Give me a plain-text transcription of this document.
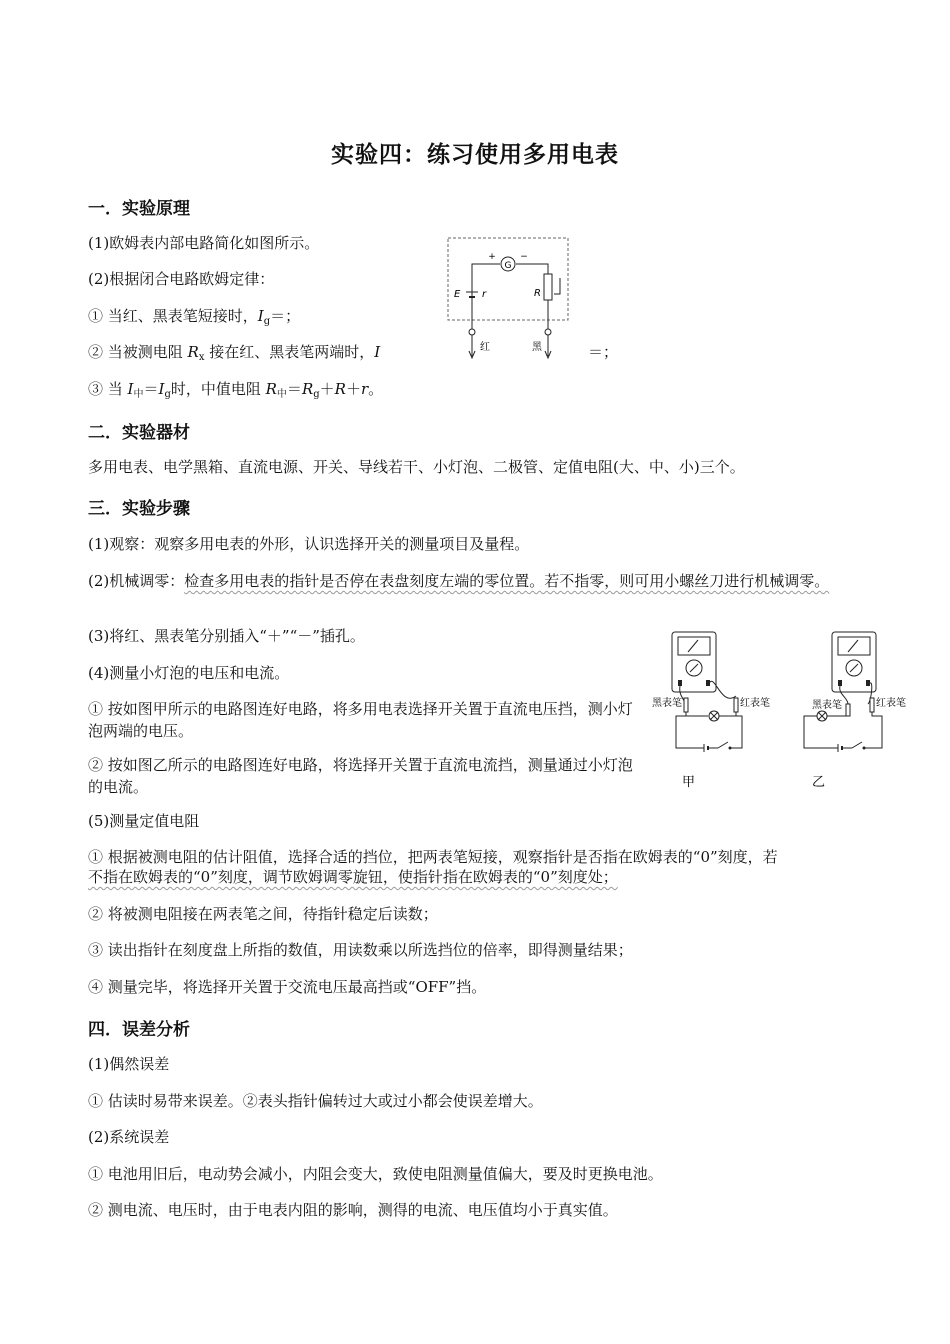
实验四：练习使用多用电表
一．实验原理
(1)欧姆表内部电路简化如图所示。
(2)根据闭合电路欧姆定律：
① 当红、黑表笔短接时，$I_g=$；
② 当被测电阻 $R_x$ 接在红、黑表笔两端时，I	＝；
③ 当 $I_中=I_g$时，中值电阻 $R_中=R_g+R+r$。
G
+	−
E r	R
红	黑
二．实验器材
多用电表、电学黑箱、直流电源、开关、导线若干、小灯泡、二极管、定值电阻(大、中、小)三个。
三．实验步骤
(1)观察：观察多用电表的外形，认识选择开关的测量项目及量程。
(2)机械调零：检查多用电表的指针是否停在表盘刻度左端的零位置。若不指零，则可用小螺丝刀进行机械调零。
(3)将红、黑表笔分别插入“＋”“－”插孔。
(4)测量小灯泡的电压和电流。
① 按如图甲所示的电路图连好电路，将多用电表选择开关置于直流电压挡，测小灯泡两端的电压。
② 按如图乙所示的电路图连好电路，将选择开关置于直流电流挡，测量通过小灯泡的电流。
黑表笔	红表笔
甲
黑表笔	红表笔
乙
(5)测量定值电阻
① 根据被测电阻的估计阻值，选择合适的挡位，把两表笔短接，观察指针是否指在欧姆表的“0”刻度，若
不指在欧姆表的“0”刻度，调节欧姆调零旋钮，使指针指在欧姆表的“0”刻度处；
② 将被测电阻接在两表笔之间，待指针稳定后读数；
③ 读出指针在刻度盘上所指的数值，用读数乘以所选挡位的倍率，即得测量结果；
④ 测量完毕，将选择开关置于交流电压最高挡或“OFF”挡。
四．误差分析
(1)偶然误差
① 估读时易带来误差。②表头指针偏转过大或过小都会使误差增大。
(2)系统误差
① 电池用旧后，电动势会减小，内阻会变大，致使电阻测量值偏大，要及时更换电池。
② 测电流、电压时，由于电表内阻的影响，测得的电流、电压值均小于真实值。
